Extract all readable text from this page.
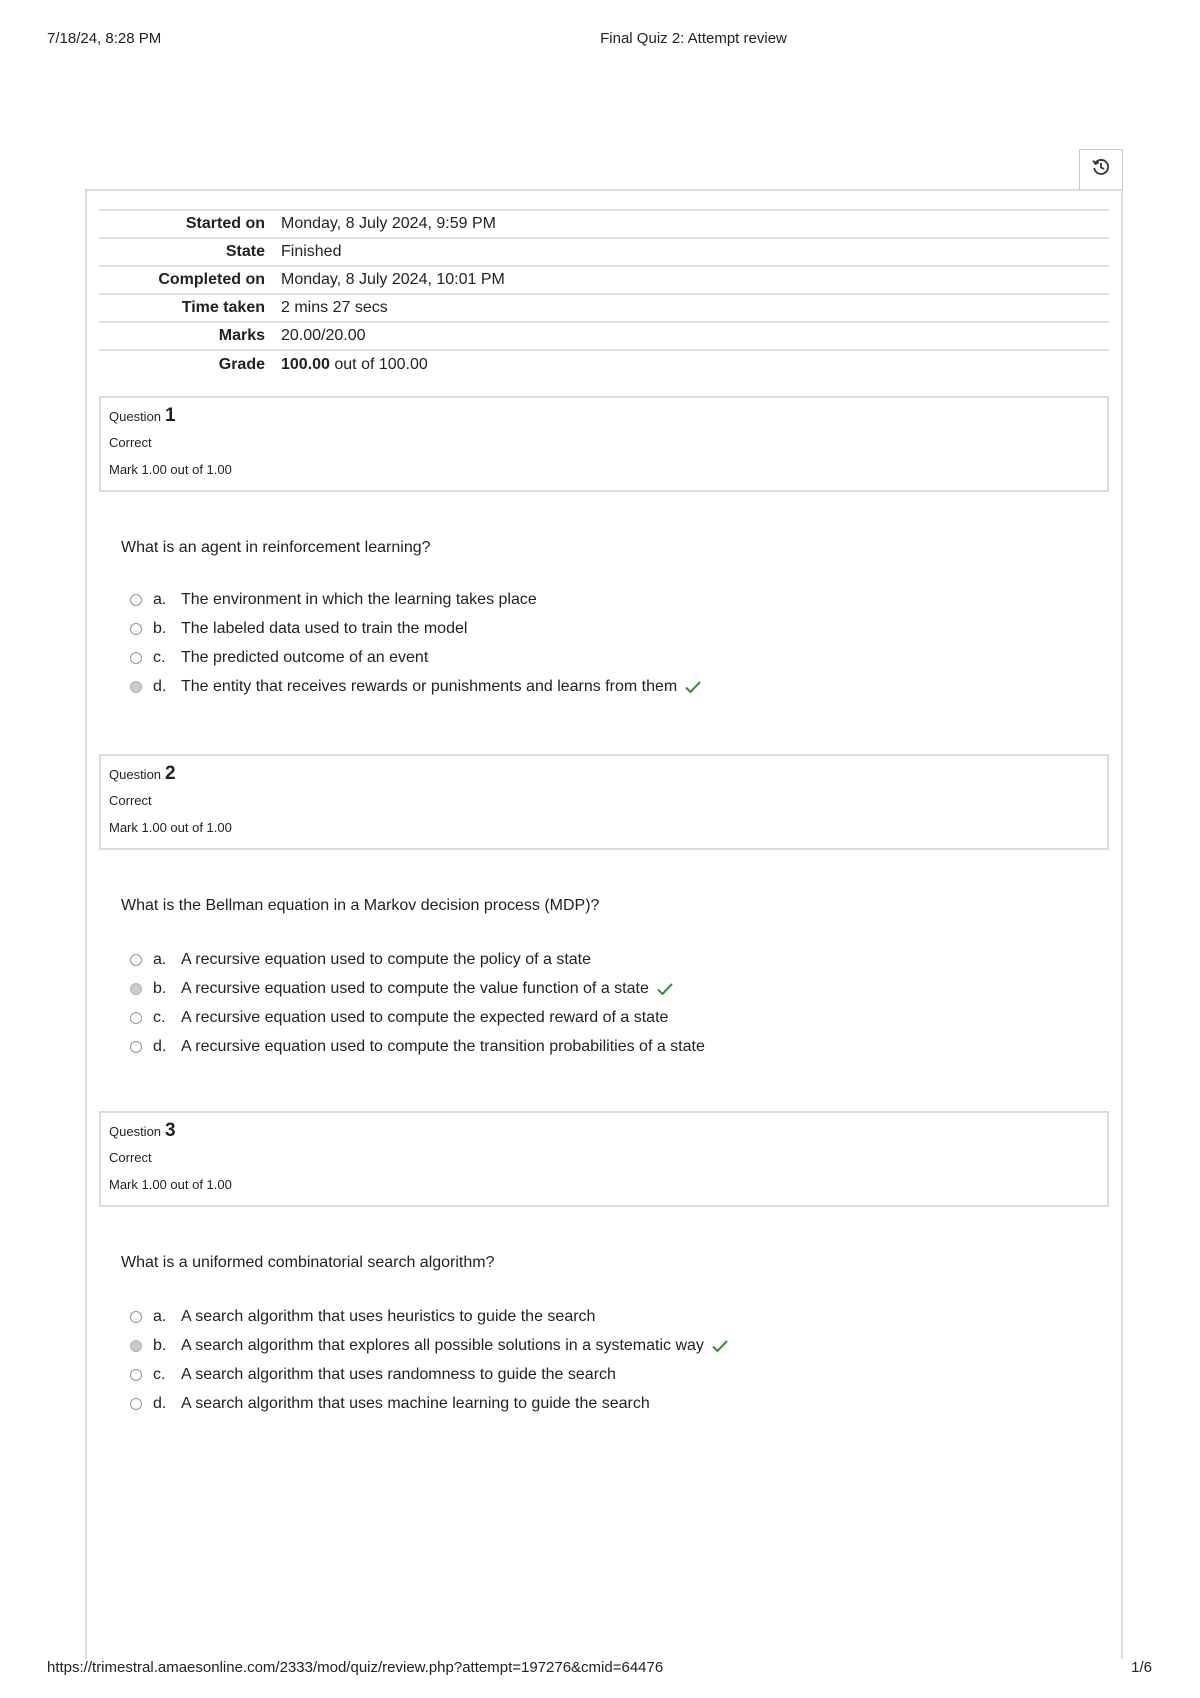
7/18/24, 8:28 PM	Final Quiz 2: Attempt review
Started on	Monday, 8 July 2024, 9:59 PM
State	Finished
Completed on	Monday, 8 July 2024, 10:01 PM
Time taken	2 mins 27 secs
Marks	20.00/20.00
Grade	100.00 out of 100.00
Question 1
Correct
Mark 1.00 out of 1.00
What is an agent in reinforcement learning?
a. The environment in which the learning takes place
b. The labeled data used to train the model
c. The predicted outcome of an event
d. The entity that receives rewards or punishments and learns from them
Question 2
Correct
Mark 1.00 out of 1.00
What is the Bellman equation in a Markov decision process (MDP)?
a. A recursive equation used to compute the policy of a state
b. A recursive equation used to compute the value function of a state
c. A recursive equation used to compute the expected reward of a state
d. A recursive equation used to compute the transition probabilities of a state
Question 3
Correct
Mark 1.00 out of 1.00
What is a uniformed combinatorial search algorithm?
a. A search algorithm that uses heuristics to guide the search
b. A search algorithm that explores all possible solutions in a systematic way
c. A search algorithm that uses randomness to guide the search
d. A search algorithm that uses machine learning to guide the search
https://trimestral.amaesonline.com/2333/mod/quiz/review.php?attempt=197276&cmid=64476	1/6
